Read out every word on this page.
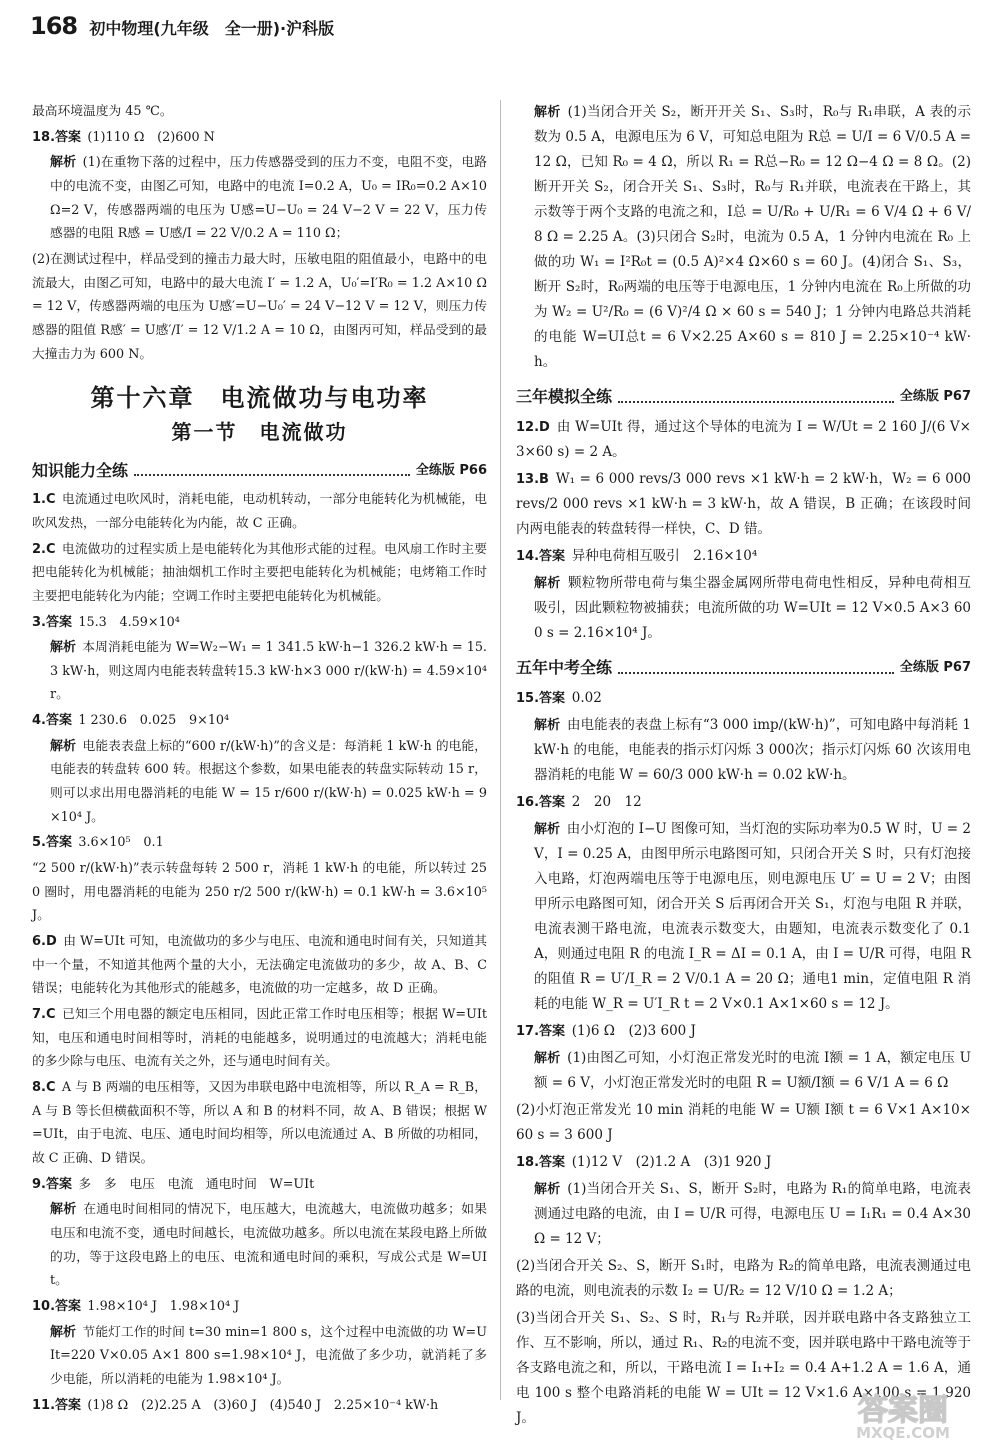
168 初中物理(九年级　全一册)·沪科版
最高环境温度为 45 ℃。
18.答案  (1)110 Ω　(2)600 N
解析  (1)在重物下落的过程中，压力传感器受到的压力不变，电阻不变，电路中的电流不变，由图乙可知，电路中的电流 I=0.2 A，U₀ = IR₀=0.2 A×10 Ω=2 V，传感器两端的电压为 U感=U−U₀ = 24 V−2 V = 22 V，压力传感器的电阻 R感 = U感/I = 22 V/0.2 A = 110 Ω；
(2)在测试过程中，样品受到的撞击力最大时，压敏电阻的阻值最小，电路中的电流最大，由图乙可知，电路中的最大电流 I′ = 1.2 A，U₀′=I′R₀ = 1.2 A×10 Ω = 12 V，传感器两端的电压为 U感′=U−U₀′ = 24 V−12 V = 12 V，则压力传感器的阻值 R感′ = U感′/I′ = 12 V/1.2 A = 10 Ω，由图丙可知，样品受到的最大撞击力为 600 N。
第十六章　电流做功与电功率
第一节　电流做功
知识能力全练	全练版 P66
1.C  电流通过电吹风时，消耗电能，电动机转动，一部分电能转化为机械能，电吹风发热，一部分电能转化为内能，故 C 正确。
2.C  电流做功的过程实质上是电能转化为其他形式能的过程。电风扇工作时主要把电能转化为机械能；抽油烟机工作时主要把电能转化为机械能；电烤箱工作时主要把电能转化为内能；空调工作时主要把电能转化为机械能。
3.答案  15.3　4.59×10⁴
解析  本周消耗电能为 W=W₂−W₁ = 1 341.5 kW·h−1 326.2 kW·h = 15.3 kW·h，则这周内电能表转盘转15.3 kW·h×3 000 r/(kW·h) = 4.59×10⁴ r。
4.答案  1 230.6　0.025　9×10⁴
解析  电能表表盘上标的“600 r/(kW·h)”的含义是：每消耗 1 kW·h 的电能，电能表的转盘转 600 转。根据这个参数，如果电能表的转盘实际转动 15 r，则可以求出用电器消耗的电能 W = 15 r/600 r/(kW·h) = 0.025 kW·h = 9×10⁴ J。
5.答案  3.6×10⁵　0.1
“2 500 r/(kW·h)”表示转盘每转 2 500 r，消耗 1 kW·h 的电能，所以转过 250 圈时，用电器消耗的电能为 250 r/2 500 r/(kW·h) = 0.1 kW·h = 3.6×10⁵ J。
6.D  由 W=UIt 可知，电流做功的多少与电压、电流和通电时间有关，只知道其中一个量，不知道其他两个量的大小，无法确定电流做功的多少，故 A、B、C 错误；电能转化为其他形式的能越多，电流做的功一定越多，故 D 正确。
7.C  已知三个用电器的额定电压相同，因此正常工作时电压相等；根据 W=UIt 知，电压和通电时间相等时，消耗的电能越多，说明通过的电流越大；消耗电能的多少除与电压、电流有关之外，还与通电时间有关。
8.C  A 与 B 两端的电压相等，又因为串联电路中电流相等，所以 R_A = R_B，A 与 B 等长但横截面积不等，所以 A 和 B 的材料不同，故 A、B 错误；根据 W=UIt，由于电流、电压、通电时间均相等，所以电流通过 A、B 所做的功相同，故 C 正确、D 错误。
9.答案  多　多　电压　电流　通电时间　W=UIt
解析  在通电时间相同的情况下，电压越大，电流越大，电流做功越多；如果电压和电流不变，通电时间越长，电流做功越多。所以电流在某段电路上所做的功，等于这段电路上的电压、电流和通电时间的乘积，写成公式是 W=UIt。
10.答案  1.98×10⁴ J　1.98×10⁴ J
解析  节能灯工作的时间 t=30 min=1 800 s，这个过程中电流做的功 W=UIt=220 V×0.05 A×1 800 s=1.98×10⁴ J，电流做了多少功，就消耗了多少电能，所以消耗的电能为 1.98×10⁴ J。
11.答案  (1)8 Ω　(2)2.25 A　(3)60 J　(4)540 J　2.25×10⁻⁴ kW·h
解析  (1)当闭合开关 S₂，断开开关 S₁、S₃时，R₀与 R₁串联，A 表的示数为 0.5 A，电源电压为 6 V，可知总电阻为 R总 = U/I = 6 V/0.5 A = 12 Ω，已知 R₀ = 4 Ω，所以 R₁ = R总−R₀ = 12 Ω−4 Ω = 8 Ω。(2)断开开关 S₂，闭合开关 S₁、S₃时，R₀与 R₁并联，电流表在干路上，其示数等于两个支路的电流之和，I总 = U/R₀ + U/R₁ = 6 V/4 Ω + 6 V/8 Ω = 2.25 A。(3)只闭合 S₂时，电流为 0.5 A，1 分钟内电流在 R₀ 上做的功 W₁ = I²R₀t = (0.5 A)²×4 Ω×60 s = 60 J。(4)闭合 S₁、S₃，断开 S₂时，R₀两端的电压等于电源电压，1 分钟内电流在 R₀上所做的功为 W₂ = U²/R₀ = (6 V)²/4 Ω × 60 s = 540 J；1 分钟内电路总共消耗的电能 W=UI总t = 6 V×2.25 A×60 s = 810 J = 2.25×10⁻⁴ kW·h。
三年模拟全练	全练版 P67
12.D  由 W=UIt 得，通过这个导体的电流为 I = W/Ut = 2 160 J/(6 V×3×60 s) = 2 A。
13.B  W₁ = 6 000 revs/3 000 revs ×1 kW·h = 2 kW·h，W₂ = 6 000 revs/2 000 revs ×1 kW·h = 3 kW·h，故 A 错误，B 正确；在该段时间内两电能表的转盘转得一样快，C、D 错。
14.答案  异种电荷相互吸引　2.16×10⁴
解析  颗粒物所带电荷与集尘器金属网所带电荷电性相反，异种电荷相互吸引，因此颗粒物被捕获；电流所做的功 W=UIt = 12 V×0.5 A×3 600 s = 2.16×10⁴ J。
五年中考全练	全练版 P67
15.答案  0.02
解析  由电能表的表盘上标有“3 000 imp/(kW·h)”，可知电路中每消耗 1 kW·h 的电能，电能表的指示灯闪烁 3 000次；指示灯闪烁 60 次该用电器消耗的电能 W = 60/3 000 kW·h = 0.02 kW·h。
16.答案  2　20　12
解析  由小灯泡的 I−U 图像可知，当灯泡的实际功率为0.5 W 时，U = 2 V，I = 0.25 A，由图甲所示电路图可知，只闭合开关 S 时，只有灯泡接入电路，灯泡两端电压等于电源电压，则电源电压 U′ = U = 2 V；由图甲所示电路图可知，闭合开关 S 后再闭合开关 S₁，灯泡与电阻 R 并联，电流表测干路电流，电流表示数变大，由题知，电流表示数变化了 0.1 A，则通过电阻 R 的电流 I_R = ΔI = 0.1 A，由 I = U/R 可得，电阻 R 的阻值 R = U′/I_R = 2 V/0.1 A = 20 Ω；通电1 min，定值电阻 R 消耗的电能 W_R = U′I_R t = 2 V×0.1 A×1×60 s = 12 J。
17.答案  (1)6 Ω　(2)3 600 J
解析  (1)由图乙可知，小灯泡正常发光时的电流 I额 = 1 A，额定电压 U额 = 6 V，小灯泡正常发光时的电阻 R = U额/I额 = 6 V/1 A = 6 Ω
(2)小灯泡正常发光 10 min 消耗的电能 W = U额 I额 t = 6 V×1 A×10×60 s = 3 600 J
18.答案  (1)12 V　(2)1.2 A　(3)1 920 J
解析  (1)当闭合开关 S₁、S，断开 S₂时，电路为 R₁的简单电路，电流表测通过电路的电流，由 I = U/R 可得，电源电压 U = I₁R₁ = 0.4 A×30 Ω = 12 V；
(2)当闭合开关 S₂、S，断开 S₁时，电路为 R₂的简单电路，电流表测通过电路的电流，则电流表的示数 I₂ = U/R₂ = 12 V/10 Ω = 1.2 A；
(3)当闭合开关 S₁、S₂、S 时，R₁与 R₂并联，因并联电路中各支路独立工作、互不影响，所以，通过 R₁、R₂的电流不变，因并联电路中干路电流等于各支路电流之和，所以，干路电流 I = I₁+I₂ = 0.4 A+1.2 A = 1.6 A，通电 100 s 整个电路消耗的电能 W = UIt = 12 V×1.6 A×100 s = 1 920 J。	答案圈
MXQE.COM
